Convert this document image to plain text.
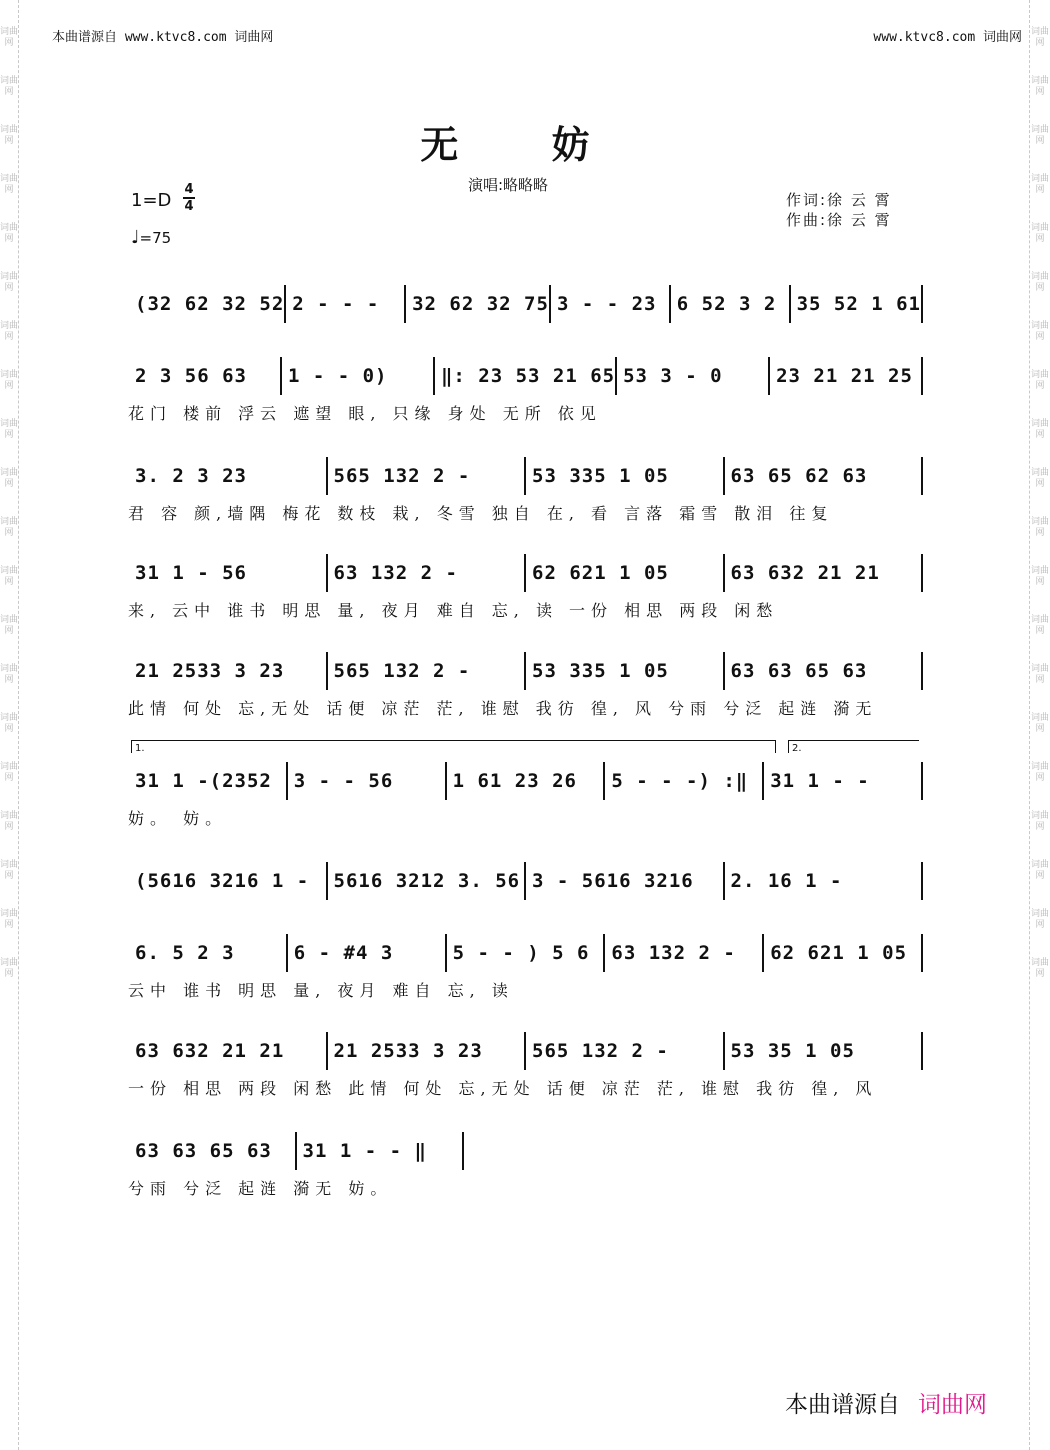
词曲网
词曲网
词曲网
词曲网
词曲网
词曲网
词曲网
词曲网
词曲网
词曲网
词曲网
词曲网
词曲网
词曲网
词曲网
词曲网
词曲网
词曲网
词曲网
词曲网
词曲网
词曲网
词曲网
词曲网
词曲网
词曲网
词曲网
词曲网
词曲网
词曲网
词曲网
词曲网
词曲网
词曲网
词曲网
词曲网
词曲网
词曲网
词曲网
词曲网
本曲谱源自 www.ktvc8.com 词曲网	www.ktvc8.com 词曲网
无 妨
演唱:略略略
作词:徐 云 霄
作曲:徐 云 霄
1=D
4
4
♩=75
1.	2.
(32 62 32 52 2 - - -	32 62 32 75 3 - - 23	6 52 3 2	35 52 1 61
2 3 56 63	1 - - 0)	‖: 23 53 21 65 53 3 - 0	23 21 21 25
花门 楼前 浮云 遮望 眼, 只缘 身处 无所 依见
3. 2 3 23	565 132 2 -	53 335 1 05	63 65 62 63
君 容 颜,墙隅 梅花 数枝 栽, 冬雪 独自 在, 看 言落 霜雪 散泪 往复
31 1 - 56	63 132 2 -	62 621 1 05	63 632 21 21
来, 云中 谁书 明思 量, 夜月 难自 忘, 读 一份 相思 两段 闲愁
21 2533 3 23	565 132 2 -	53 335 1 05	63 63 65 63
此情 何处 忘,无处 话便 凉茫 茫, 谁慰 我彷 徨, 风 兮雨 兮泛 起涟 漪无
31 1 -(2352	3 - - 56	1 61 23 26	5 - - -) :‖	31 1 - -
妨。 妨。
(5616 3216 1 -	5616 3212 3. 56 3 - 5616 3216	2. 16 1 -
6. 5 2 3	6 - #4 3	5 - - ) 5 6	63 132 2 -	62 621 1 05
云中 谁书 明思 量, 夜月 难自 忘, 读
63 632 21 21	21 2533 3 23	565 132 2 -	53 35 1 05
一份 相思 两段 闲愁 此情 何处 忘,无处 话便 凉茫 茫, 谁慰 我彷 徨, 风
63 63 65 63	31 1 - - ‖
兮雨 兮泛 起涟 漪无 妨。
本曲谱源自 词曲网
